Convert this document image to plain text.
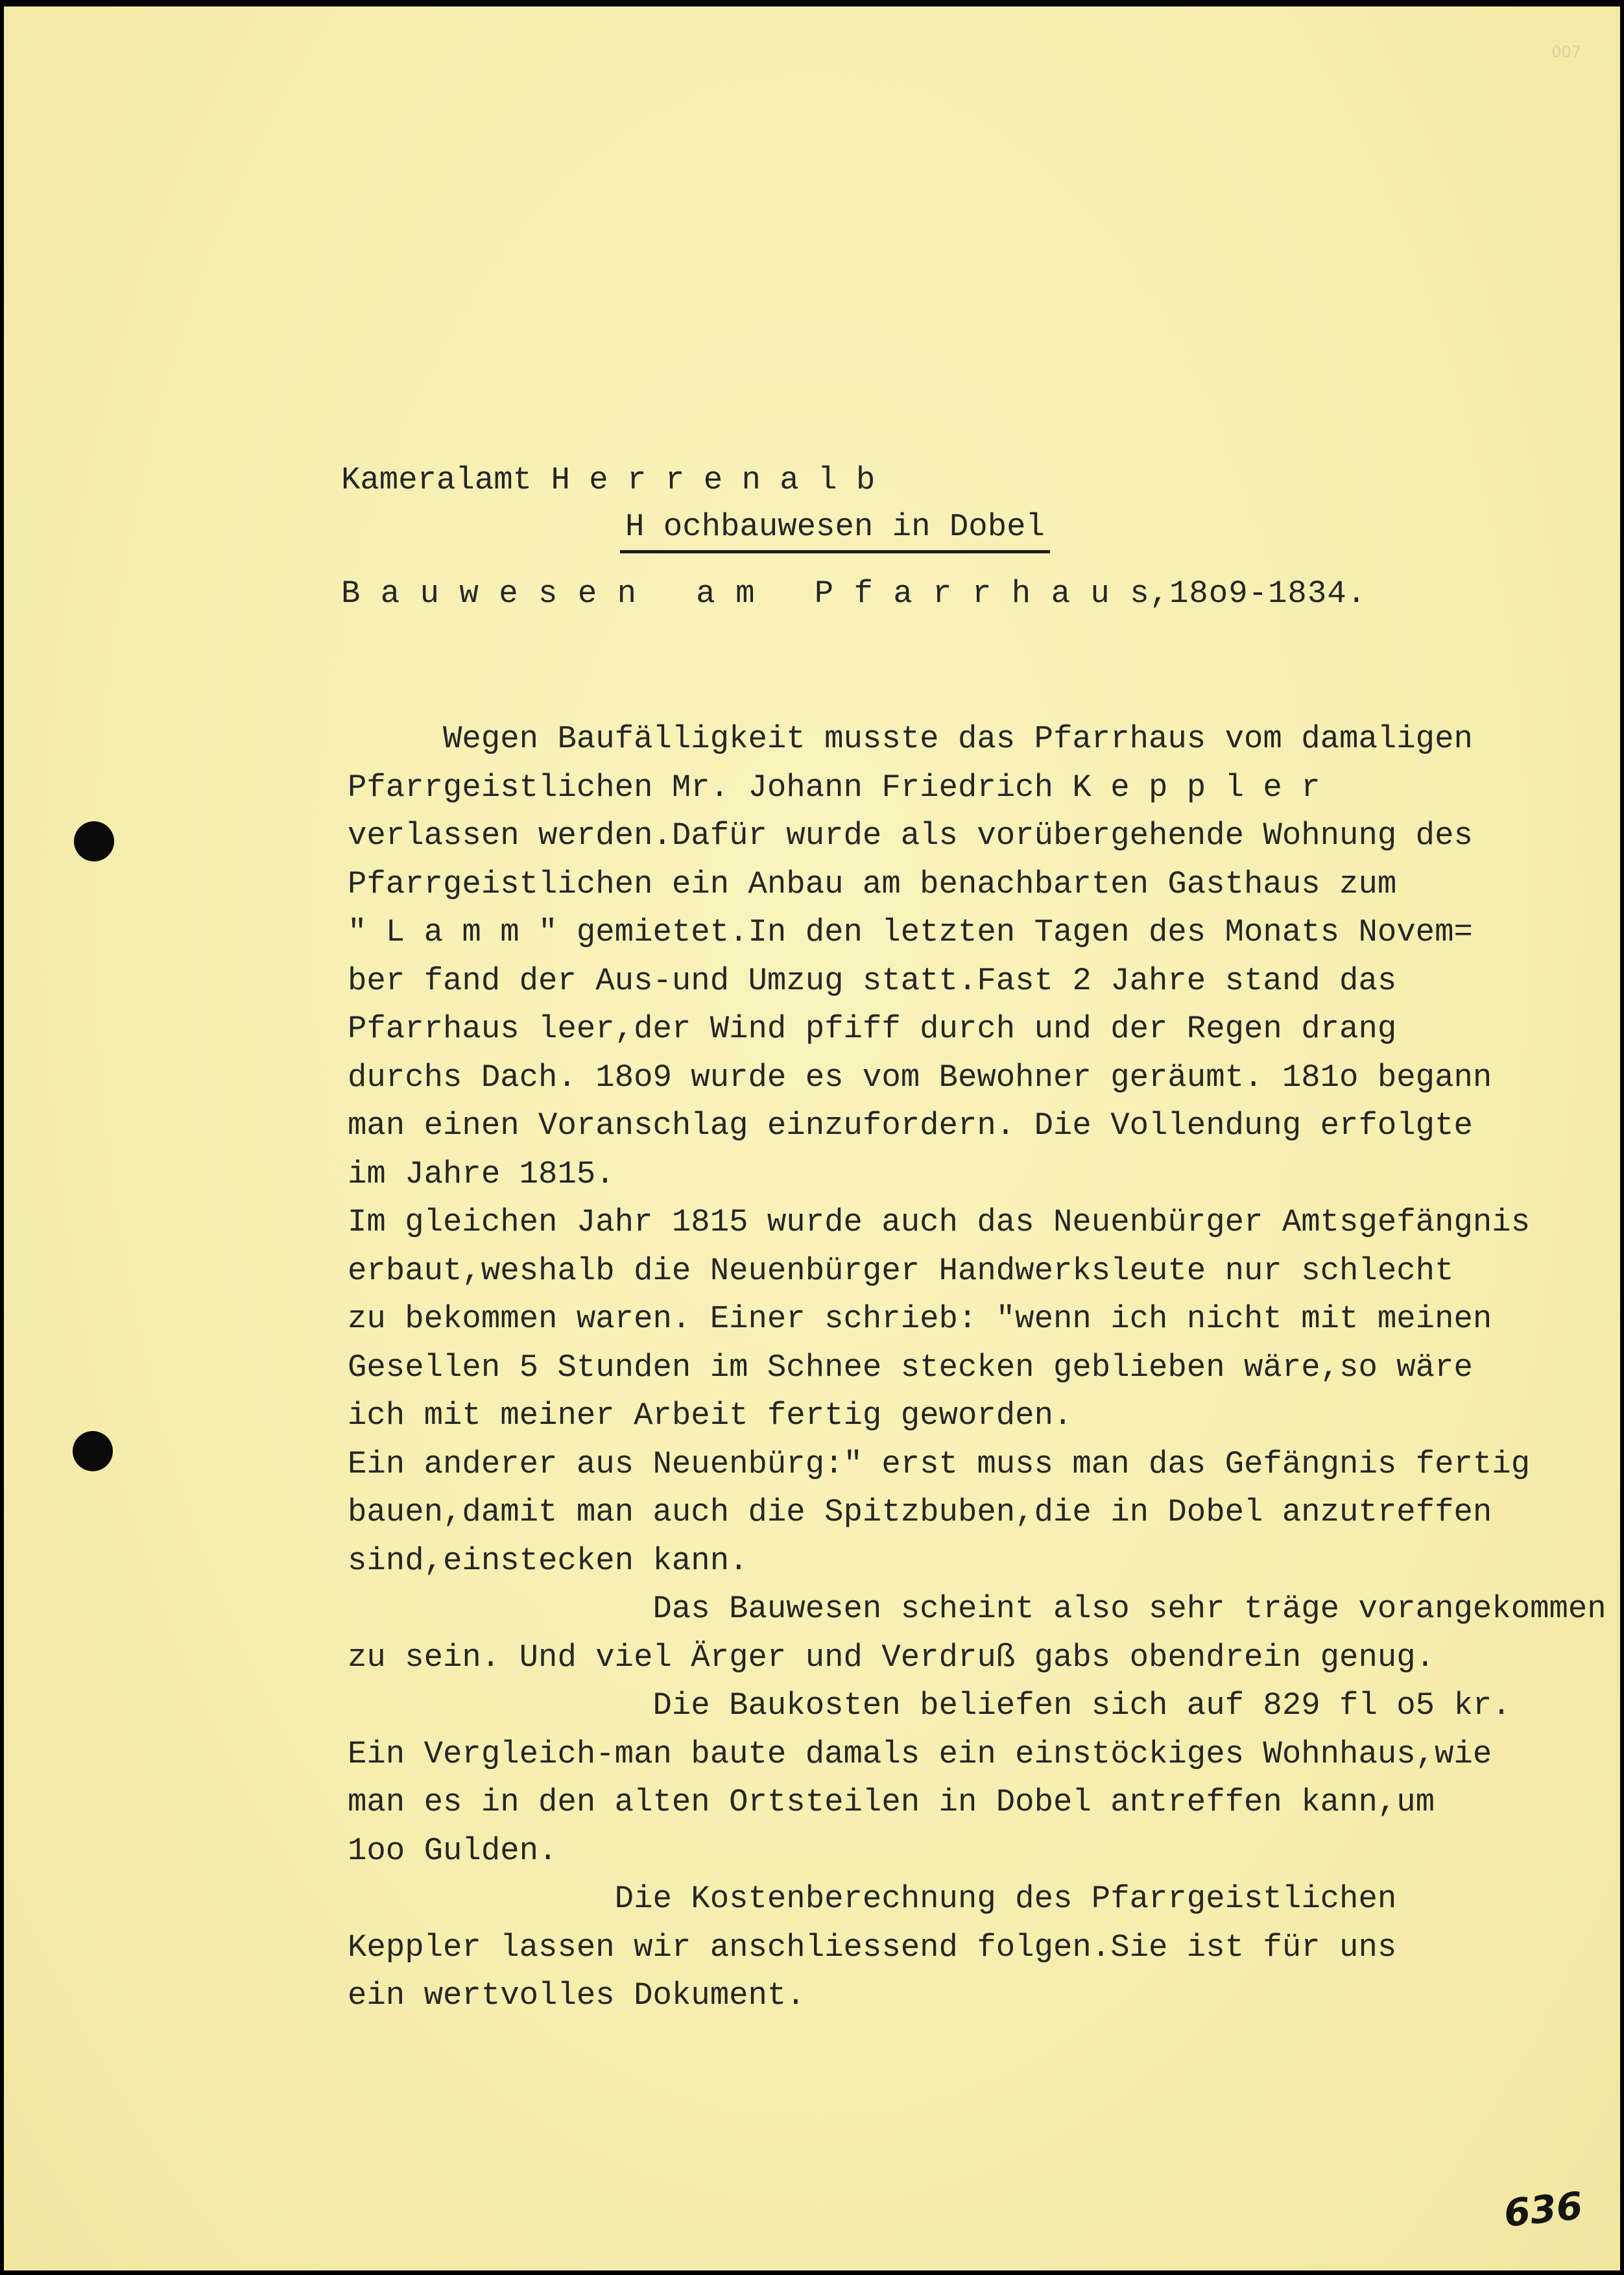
007
Kameralamt H e r r e n a l b
H ochbauwesen in Dobel
B a u w e s e n   a m   P f a r r h a u s,18o9-1834.
Wegen Baufälligkeit musste das Pfarrhaus vom damaligen
Pfarrgeistlichen Mr. Johann Friedrich K e p p l e r
verlassen werden.Dafür wurde als vorübergehende Wohnung des
Pfarrgeistlichen ein Anbau am benachbarten Gasthaus zum
" L a m m " gemietet.In den letzten Tagen des Monats Novem=
ber fand der Aus-und Umzug statt.Fast 2 Jahre stand das
Pfarrhaus leer,der Wind pfiff durch und der Regen drang
durchs Dach. 18o9 wurde es vom Bewohner geräumt. 181o begann
man einen Voranschlag einzufordern. Die Vollendung erfolgte
im Jahre 1815.
Im gleichen Jahr 1815 wurde auch das Neuenbürger Amtsgefängnis
erbaut,weshalb die Neuenbürger Handwerksleute nur schlecht
zu bekommen waren. Einer schrieb: "wenn ich nicht mit meinen
Gesellen 5 Stunden im Schnee stecken geblieben wäre,so wäre
ich mit meiner Arbeit fertig geworden.
Ein anderer aus Neuenbürg:" erst muss man das Gefängnis fertig
bauen,damit man auch die Spitzbuben,die in Dobel anzutreffen
sind,einstecken kann.
Das Bauwesen scheint also sehr träge vorangekommen
zu sein. Und viel Ärger und Verdruß gabs obendrein genug.
Die Baukosten beliefen sich auf 829 fl o5 kr.
Ein Vergleich-man baute damals ein einstöckiges Wohnhaus,wie
man es in den alten Ortsteilen in Dobel antreffen kann,um
1oo Gulden.
Die Kostenberechnung des Pfarrgeistlichen
Keppler lassen wir anschliessend folgen.Sie ist für uns
ein wertvolles Dokument.
636
